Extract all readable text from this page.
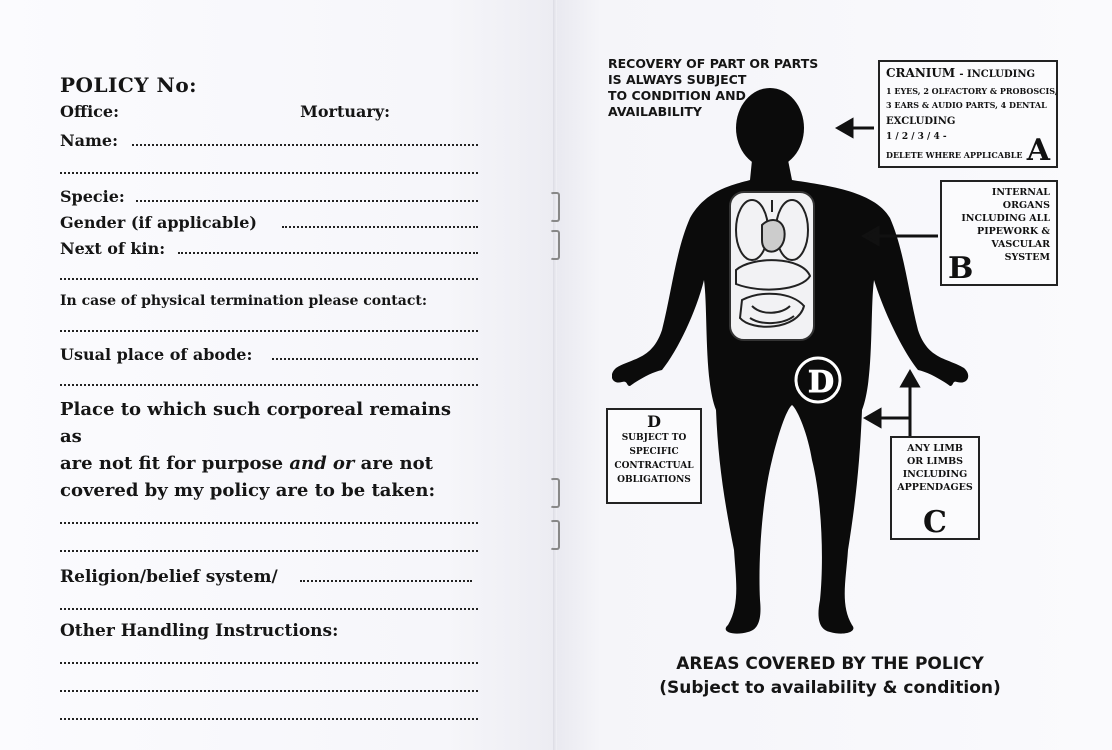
POLICY No:
Office:	Mortuary:
Name:
Specie:
Gender (if applicable)
Next of kin:
In case of physical termination please contact:
Usual place of abode:
Place to which such corporeal remains as
are not fit for purpose and or are not
covered by my policy are to be taken:
Religion/belief system/
Other Handling Instructions:
RECOVERY OF PART OR PARTS
IS ALWAYS SUBJECT
TO CONDITION AND
AVAILABILITY
D
CRANIUM - INCLUDING
1 EYES, 2 OLFACTORY & PROBOSCIS,
3 EARS & AUDIO PARTS, 4 DENTAL
EXCLUDING
1 / 2 / 3 / 4 -
DELETE WHERE APPLICABLE A
INTERNAL
ORGANS
INCLUDING ALL
PIPEWORK &
VASCULAR
SYSTEM
B
D
SUBJECT TO
SPECIFIC
CONTRACTUAL
OBLIGATIONS
ANY LIMB
OR LIMBS
INCLUDING
APPENDAGES
C
AREAS COVERED BY THE POLICY
(Subject to availability & condition)
